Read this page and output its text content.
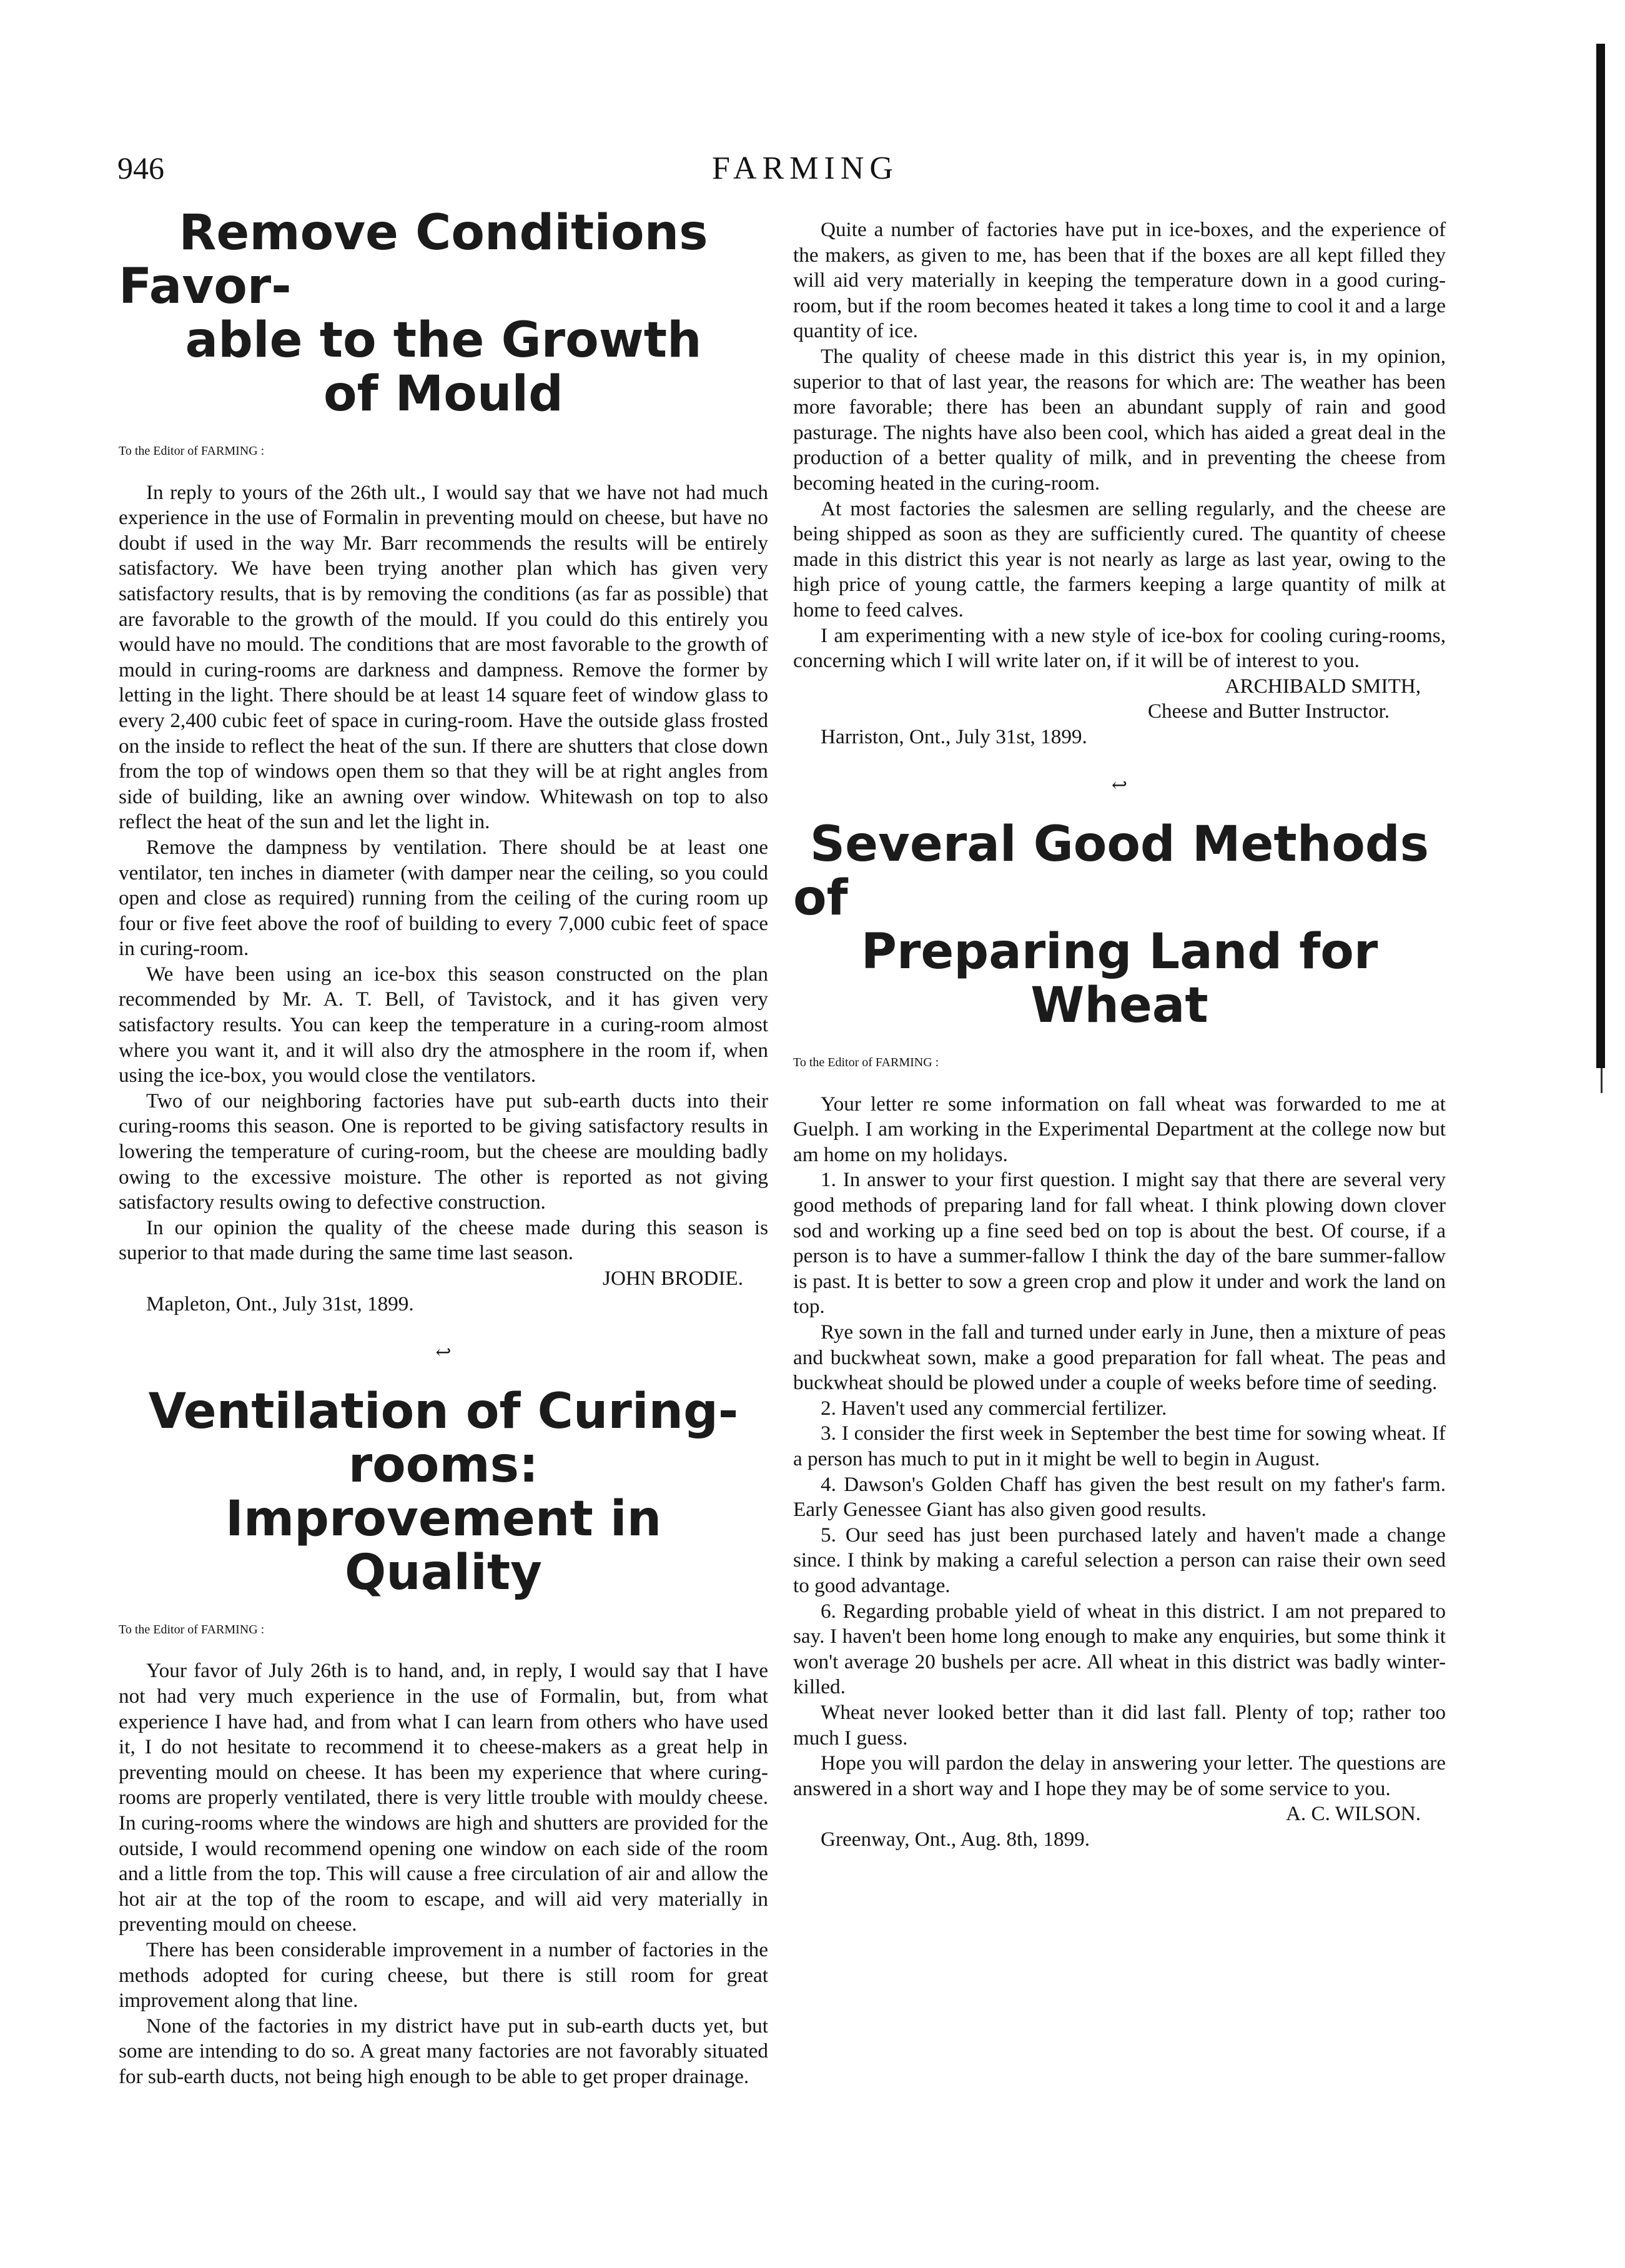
946	FARMING
Remove Conditions Favor-
able to the Growth
of Mould
To the Editor of FARMING :

In reply to yours of the 26th ult., I would say that we have not had much experience in the use of Formalin in preventing mould on cheese, but have no doubt if used in the way Mr. Barr recommends the results will be entirely satisfactory. We have been trying another plan which has given very satisfactory results, that is by removing the conditions (as far as possible) that are favorable to the growth of the mould. If you could do this entirely you would have no mould. The conditions that are most favorable to the growth of mould in curing-rooms are darkness and dampness. Remove the former by letting in the light. There should be at least 14 square feet of window glass to every 2,400 cubic feet of space in curing-room. Have the outside glass frosted on the inside to reflect the heat of the sun. If there are shutters that close down from the top of windows open them so that they will be at right angles from side of building, like an awning over window. Whitewash on top to also reflect the heat of the sun and let the light in.

Remove the dampness by ventilation. There should be at least one ventilator, ten inches in diameter (with damper near the ceiling, so you could open and close as required) running from the ceiling of the curing room up four or five feet above the roof of building to every 7,000 cubic feet of space in curing-room.

We have been using an ice-box this season constructed on the plan recommended by Mr. A. T. Bell, of Tavistock, and it has given very satisfactory results. You can keep the temperature in a curing-room almost where you want it, and it will also dry the atmosphere in the room if, when using the ice-box, you would close the ventilators.

Two of our neighboring factories have put sub-earth ducts into their curing-rooms this season. One is reported to be giving satisfactory results in lowering the temperature of curing-room, but the cheese are moulding badly owing to the excessive moisture. The other is reported as not giving satisfactory results owing to defective construction.

In our opinion the quality of the cheese made during this season is superior to that made during the same time last season.

JOHN BRODIE.

Mapleton, Ont., July 31st, 1899.

↩
Ventilation of Curing-rooms:
Improvement in Quality
To the Editor of FARMING :

Your favor of July 26th is to hand, and, in reply, I would say that I have not had very much experience in the use of Formalin, but, from what experience I have had, and from what I can learn from others who have used it, I do not hesitate to recommend it to cheese-makers as a great help in preventing mould on cheese. It has been my experience that where curing-rooms are properly ventilated, there is very little trouble with mouldy cheese. In curing-rooms where the windows are high and shutters are provided for the outside, I would recommend opening one window on each side of the room and a little from the top. This will cause a free circulation of air and allow the hot air at the top of the room to escape, and will aid very materially in preventing mould on cheese.

There has been considerable improvement in a number of factories in the methods adopted for curing cheese, but there is still room for great improvement along that line.

None of the factories in my district have put in sub-earth ducts yet, but some are intending to do so. A great many factories are not favorably situated for sub-earth ducts, not being high enough to be able to get proper drainage.

Quite a number of factories have put in ice-boxes, and the experience of the makers, as given to me, has been that if the boxes are all kept filled they will aid very materially in keeping the temperature down in a good curing-room, but if the room becomes heated it takes a long time to cool it and a large quantity of ice.

The quality of cheese made in this district this year is, in my opinion, superior to that of last year, the reasons for which are: The weather has been more favorable; there has been an abundant supply of rain and good pasturage. The nights have also been cool, which has aided a great deal in the production of a better quality of milk, and in preventing the cheese from becoming heated in the curing-room.

At most factories the salesmen are selling regularly, and the cheese are being shipped as soon as they are sufficiently cured. The quantity of cheese made in this district this year is not nearly as large as last year, owing to the high price of young cattle, the farmers keeping a large quantity of milk at home to feed calves.

I am experimenting with a new style of ice-box for cooling curing-rooms, concerning which I will write later on, if it will be of interest to you.

ARCHIBALD SMITH,

Cheese and Butter Instructor.

Harriston, Ont., July 31st, 1899.

↩
Several Good Methods of
Preparing Land for Wheat
To the Editor of FARMING :

Your letter re some information on fall wheat was forwarded to me at Guelph. I am working in the Experimental Department at the college now but am home on my holidays.

1. In answer to your first question. I might say that there are several very good methods of preparing land for fall wheat. I think plowing down clover sod and working up a fine seed bed on top is about the best. Of course, if a person is to have a summer-fallow I think the day of the bare summer-fallow is past. It is better to sow a green crop and plow it under and work the land on top.

Rye sown in the fall and turned under early in June, then a mixture of peas and buckwheat sown, make a good preparation for fall wheat. The peas and buckwheat should be plowed under a couple of weeks before time of seeding.

2. Haven't used any commercial fertilizer.

3. I consider the first week in September the best time for sowing wheat. If a person has much to put in it might be well to begin in August.

4. Dawson's Golden Chaff has given the best result on my father's farm. Early Genessee Giant has also given good results.

5. Our seed has just been purchased lately and haven't made a change since. I think by making a careful selection a person can raise their own seed to good advantage.

6. Regarding probable yield of wheat in this district. I am not prepared to say. I haven't been home long enough to make any enquiries, but some think it won't average 20 bushels per acre. All wheat in this district was badly winter-killed.

Wheat never looked better than it did last fall. Plenty of top; rather too much I guess.

Hope you will pardon the delay in answering your letter. The questions are answered in a short way and I hope they may be of some service to you.

A. C. WILSON.

Greenway, Ont., Aug. 8th, 1899.
